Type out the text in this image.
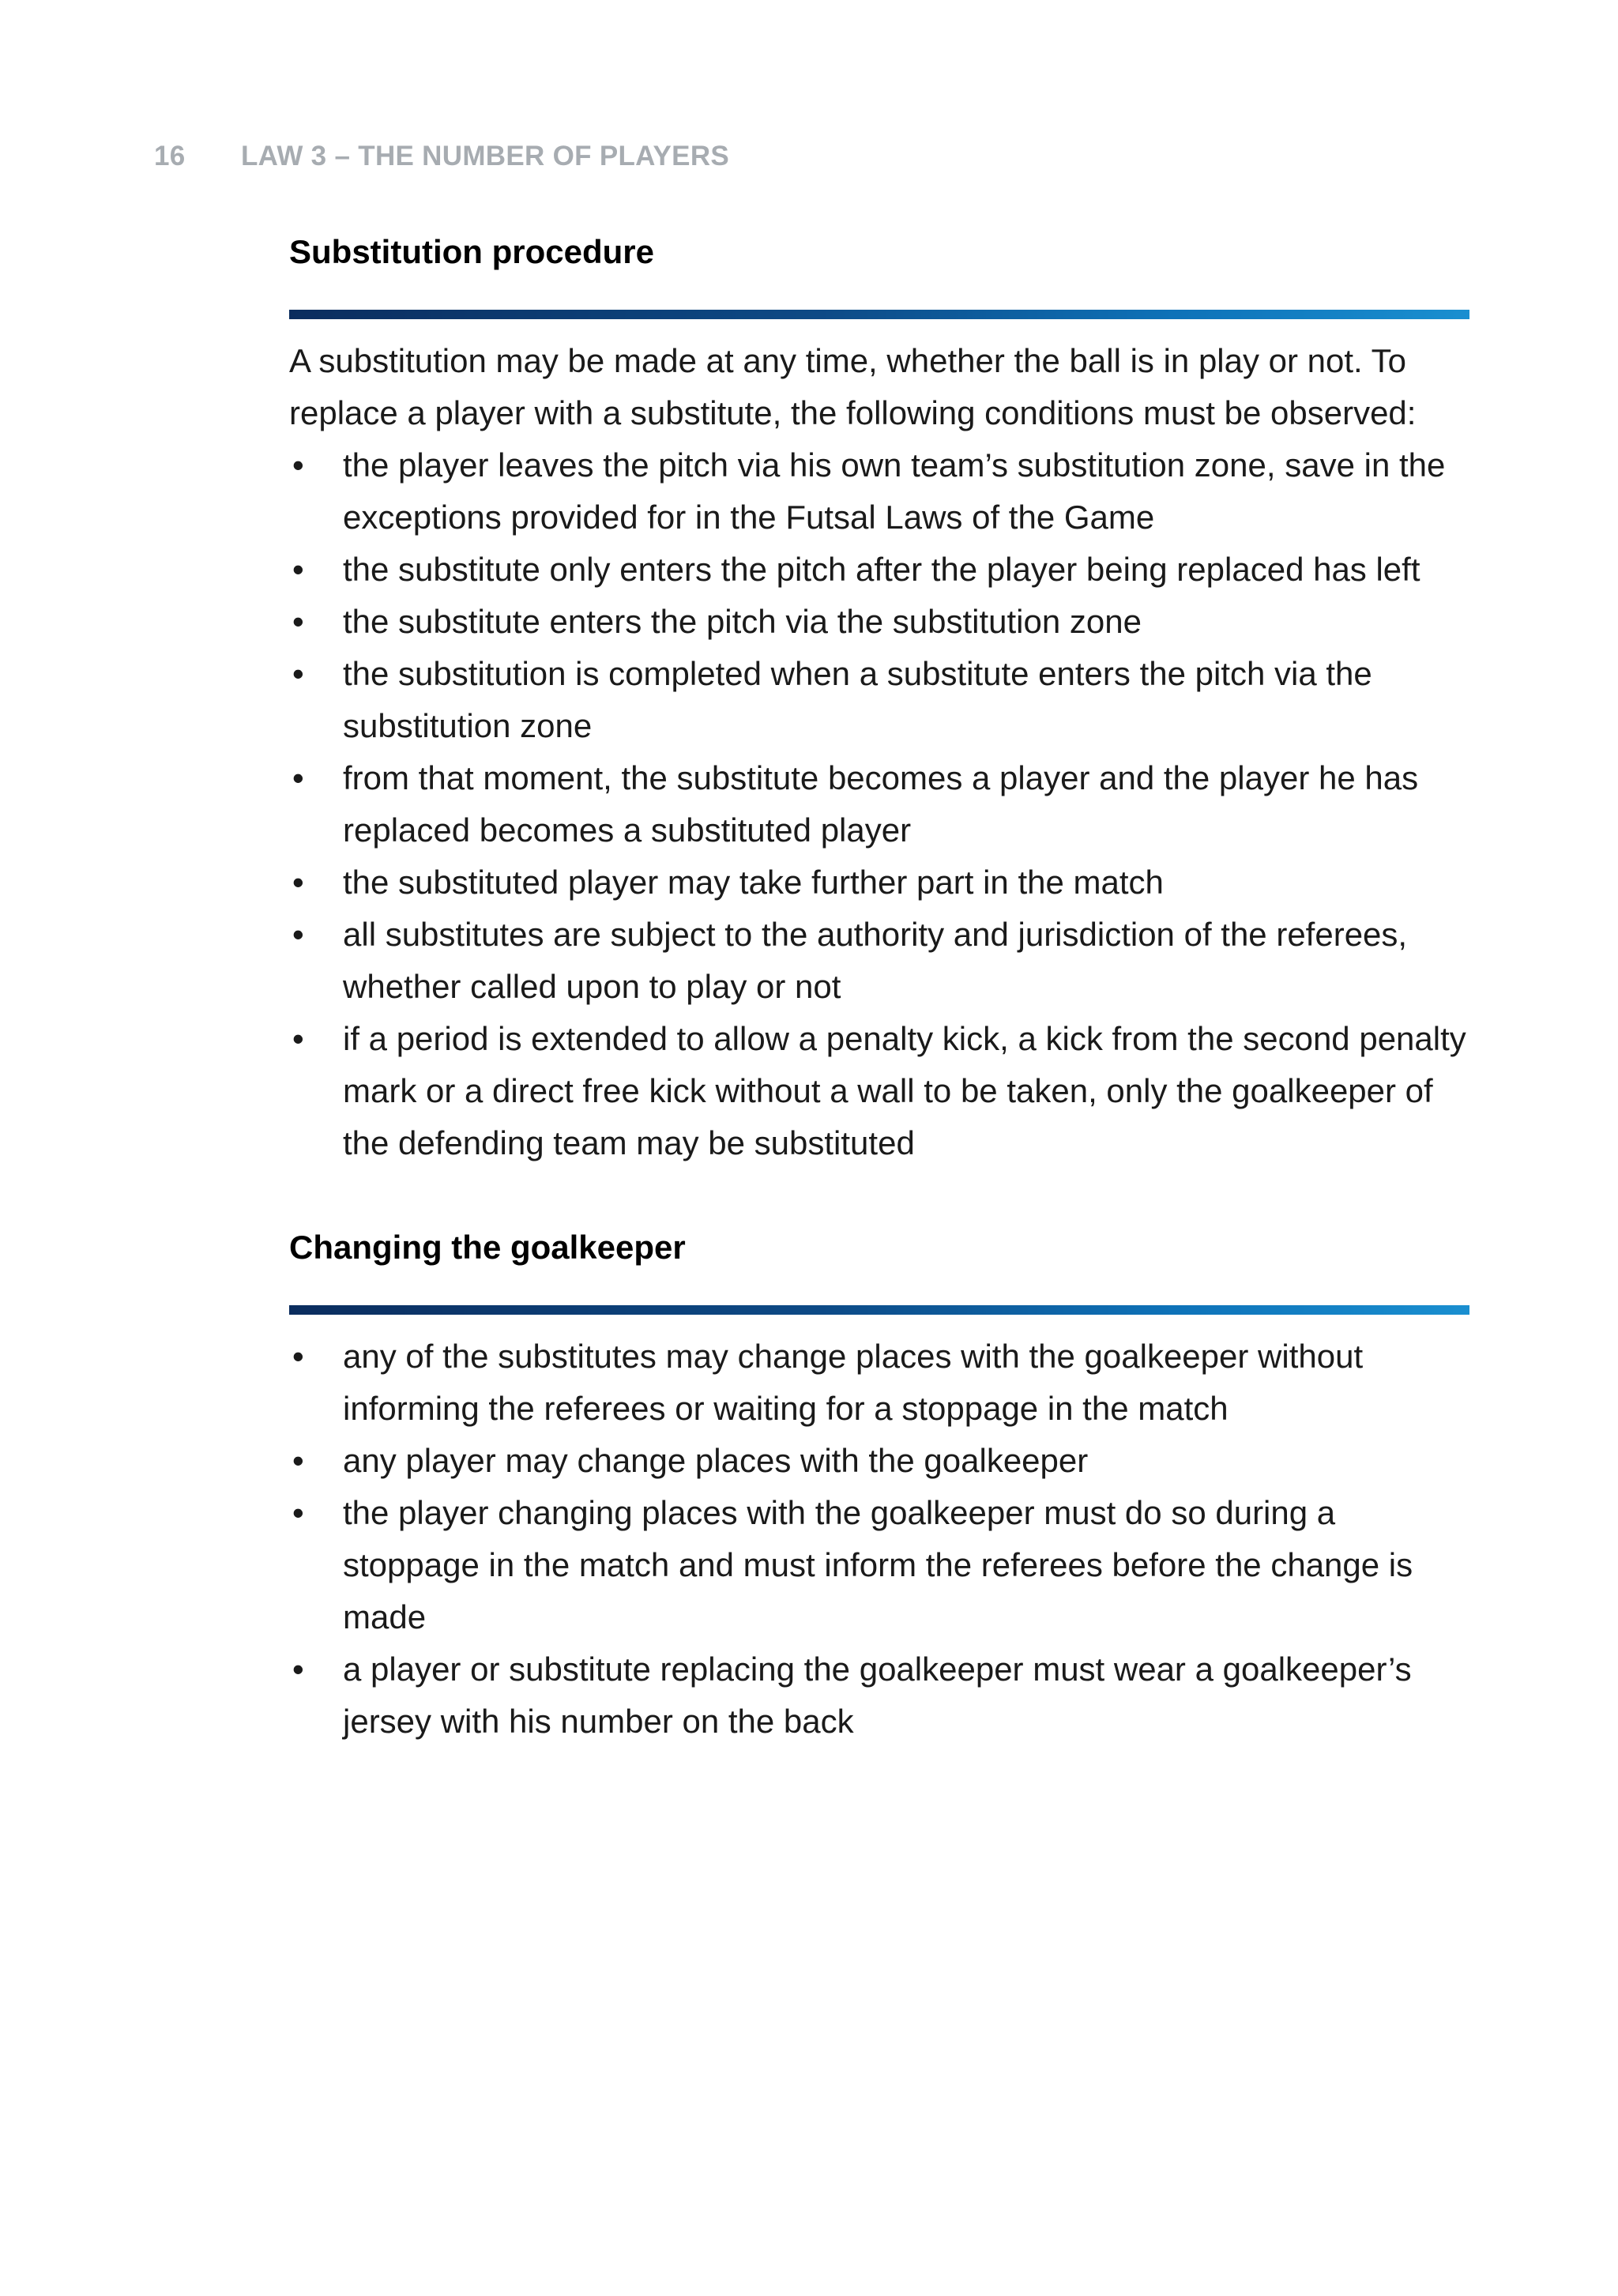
16 LAW 3 – THE NUMBER OF PLAYERS
Substitution procedure

A substitution may be made at any time, whether the ball is in play or not. To replace a player with a substitute, the following conditions must be observed:

•	the player leaves the pitch via his own team’s substitution zone, save in the exceptions provided for in the Futsal Laws of the Game
•	the substitute only enters the pitch after the player being replaced has left
•	the substitute enters the pitch via the substitution zone
•	the substitution is completed when a substitute enters the pitch via the substitution zone
•	from that moment, the substitute becomes a player and the player he has replaced becomes a substituted player
•	the substituted player may take further part in the match
•	all substitutes are subject to the authority and jurisdiction of the referees, whether called upon to play or not
•	if a period is extended to allow a penalty kick, a kick from the second penalty mark or a direct free kick without a wall to be taken, only the goalkeeper of the defending team may be substituted
Changing the goalkeeper
•	any of the substitutes may change places with the goalkeeper without informing the referees or waiting for a stoppage in the match
•	any player may change places with the goalkeeper
•	the player changing places with the goalkeeper must do so during a stoppage in the match and must inform the referees before the change is made
•	a player or substitute replacing the goalkeeper must wear a goalkeeper’s jersey with his number on the back
